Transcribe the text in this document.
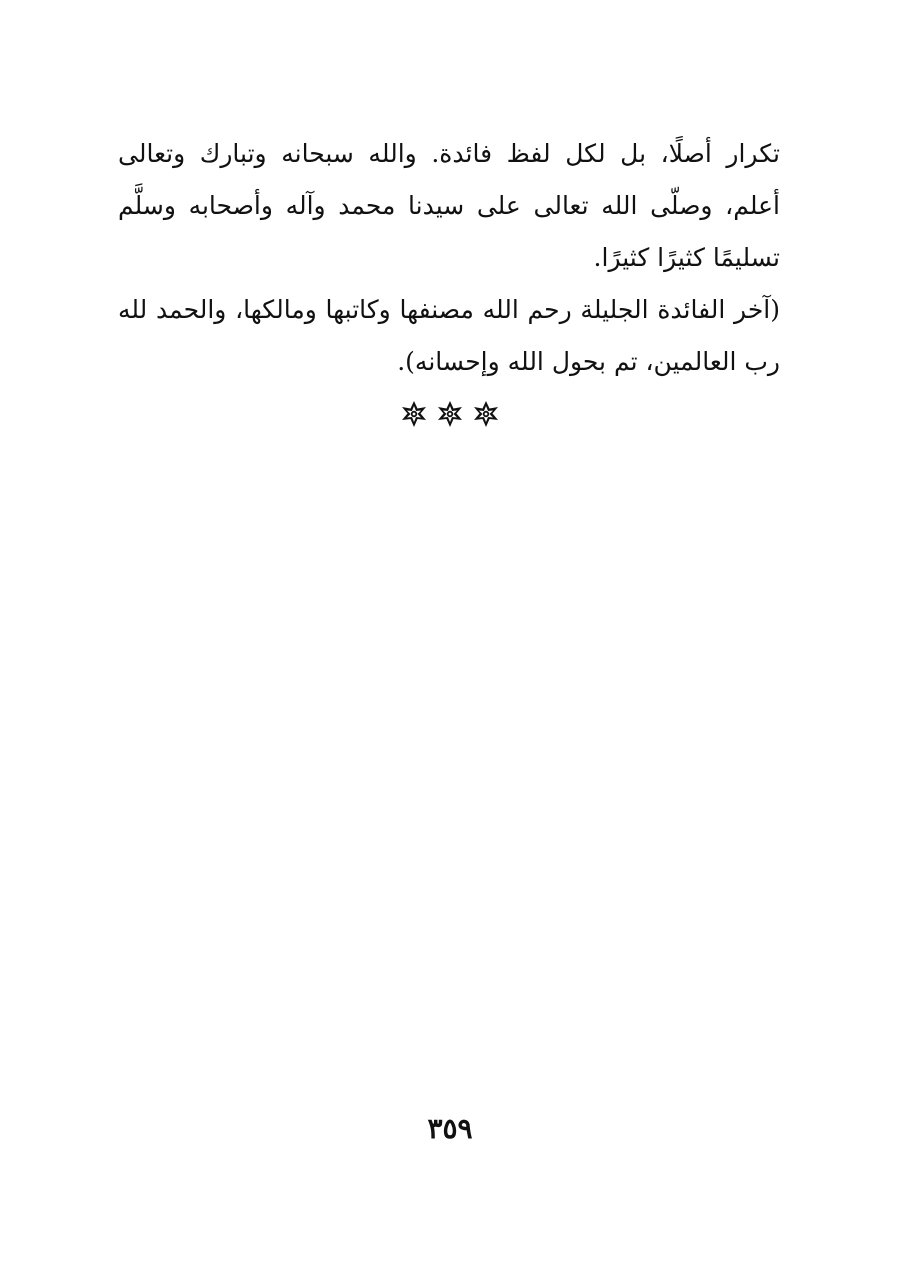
تكرار أصلًا، بل لكل لفظ فائدة. والله سبحانه وتبارك وتعالى أعلم، وصلّى الله تعالى على سيدنا محمد وآله وأصحابه وسلَّم تسليمًا كثيرًا كثيرًا.

(آخر الفائدة الجليلة رحم الله مصنفها وكاتبها ومالكها، والحمد لله رب العالمين، تم بحول الله وإحسانه).

٣٥٩
